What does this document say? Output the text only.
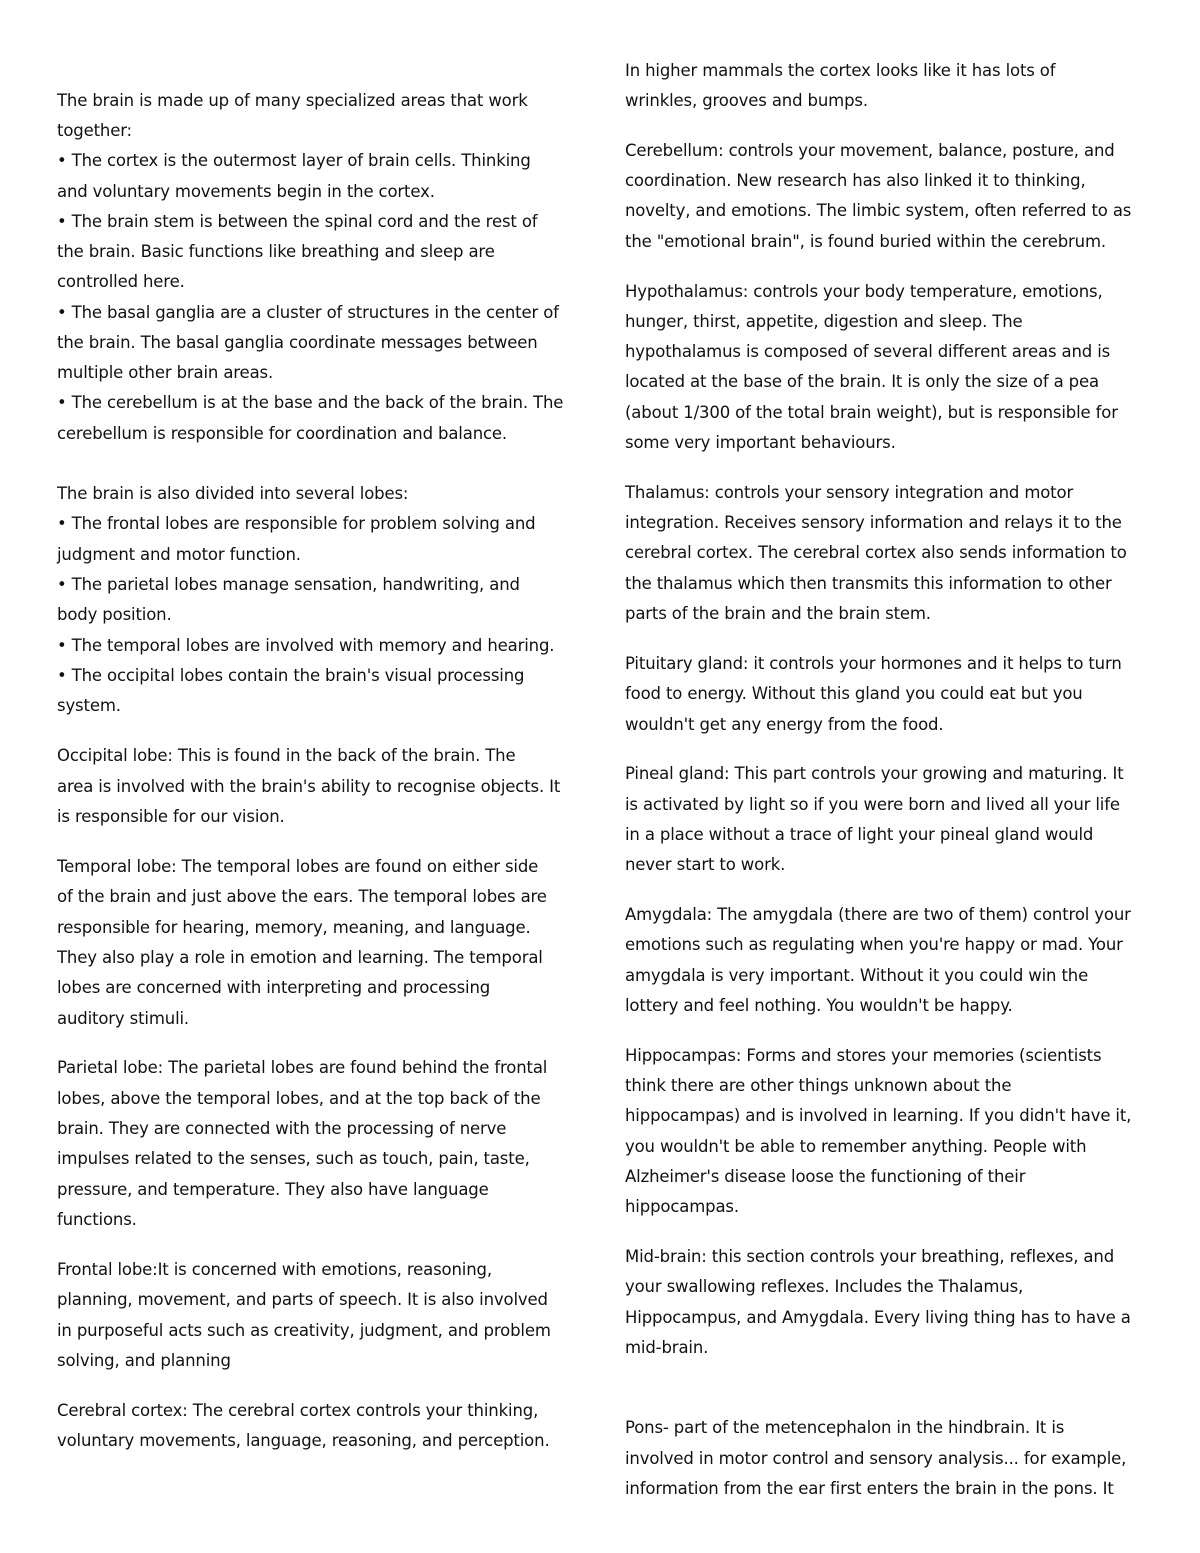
The brain is made up of many specialized areas that work
together:
• The cortex is the outermost layer of brain cells. Thinking
and voluntary movements begin in the cortex.
• The brain stem is between the spinal cord and the rest of
the brain. Basic functions like breathing and sleep are
controlled here.
• The basal ganglia are a cluster of structures in the center of
the brain. The basal ganglia coordinate messages between
multiple other brain areas.
• The cerebellum is at the base and the back of the brain. The
cerebellum is responsible for coordination and balance.
The brain is also divided into several lobes:
• The frontal lobes are responsible for problem solving and
judgment and motor function.
• The parietal lobes manage sensation, handwriting, and
body position.
• The temporal lobes are involved with memory and hearing.
• The occipital lobes contain the brain's visual processing
system.
Occipital lobe: This is found in the back of the brain. The
area is involved with the brain's ability to recognise objects. It
is responsible for our vision.
Temporal lobe: The temporal lobes are found on either side
of the brain and just above the ears. The temporal lobes are
responsible for hearing, memory, meaning, and language.
They also play a role in emotion and learning. The temporal
lobes are concerned with interpreting and processing
auditory stimuli.
Parietal lobe: The parietal lobes are found behind the frontal
lobes, above the temporal lobes, and at the top back of the
brain. They are connected with the processing of nerve
impulses related to the senses, such as touch, pain, taste,
pressure, and temperature. They also have language
functions.
Frontal lobe:It is concerned with emotions, reasoning,
planning, movement, and parts of speech. It is also involved
in purposeful acts such as creativity, judgment, and problem
solving, and planning
Cerebral cortex: The cerebral cortex controls your thinking,
voluntary movements, language, reasoning, and perception.
In higher mammals the cortex looks like it has lots of
wrinkles, grooves and bumps.
Cerebellum: controls your movement, balance, posture, and
coordination. New research has also linked it to thinking,
novelty, and emotions. The limbic system, often referred to as
the "emotional brain", is found buried within the cerebrum.
Hypothalamus: controls your body temperature, emotions,
hunger, thirst, appetite, digestion and sleep. The
hypothalamus is composed of several different areas and is
located at the base of the brain. It is only the size of a pea
(about 1/300 of the total brain weight), but is responsible for
some very important behaviours.
Thalamus: controls your sensory integration and motor
integration. Receives sensory information and relays it to the
cerebral cortex. The cerebral cortex also sends information to
the thalamus which then transmits this information to other
parts of the brain and the brain stem.
Pituitary gland: it controls your hormones and it helps to turn
food to energy. Without this gland you could eat but you
wouldn't get any energy from the food.
Pineal gland: This part controls your growing and maturing. It
is activated by light so if you were born and lived all your life
in a place without a trace of light your pineal gland would
never start to work.
Amygdala: The amygdala (there are two of them) control your
emotions such as regulating when you're happy or mad. Your
amygdala is very important. Without it you could win the
lottery and feel nothing. You wouldn't be happy.
Hippocampas: Forms and stores your memories (scientists
think there are other things unknown about the
hippocampas) and is involved in learning. If you didn't have it,
you wouldn't be able to remember anything. People with
Alzheimer's disease loose the functioning of their
hippocampas.
Mid-brain: this section controls your breathing, reflexes, and
your swallowing reflexes. Includes the Thalamus,
Hippocampus, and Amygdala. Every living thing has to have a
mid-brain.
Pons- part of the metencephalon in the hindbrain. It is
involved in motor control and sensory analysis... for example,
information from the ear first enters the brain in the pons. It
